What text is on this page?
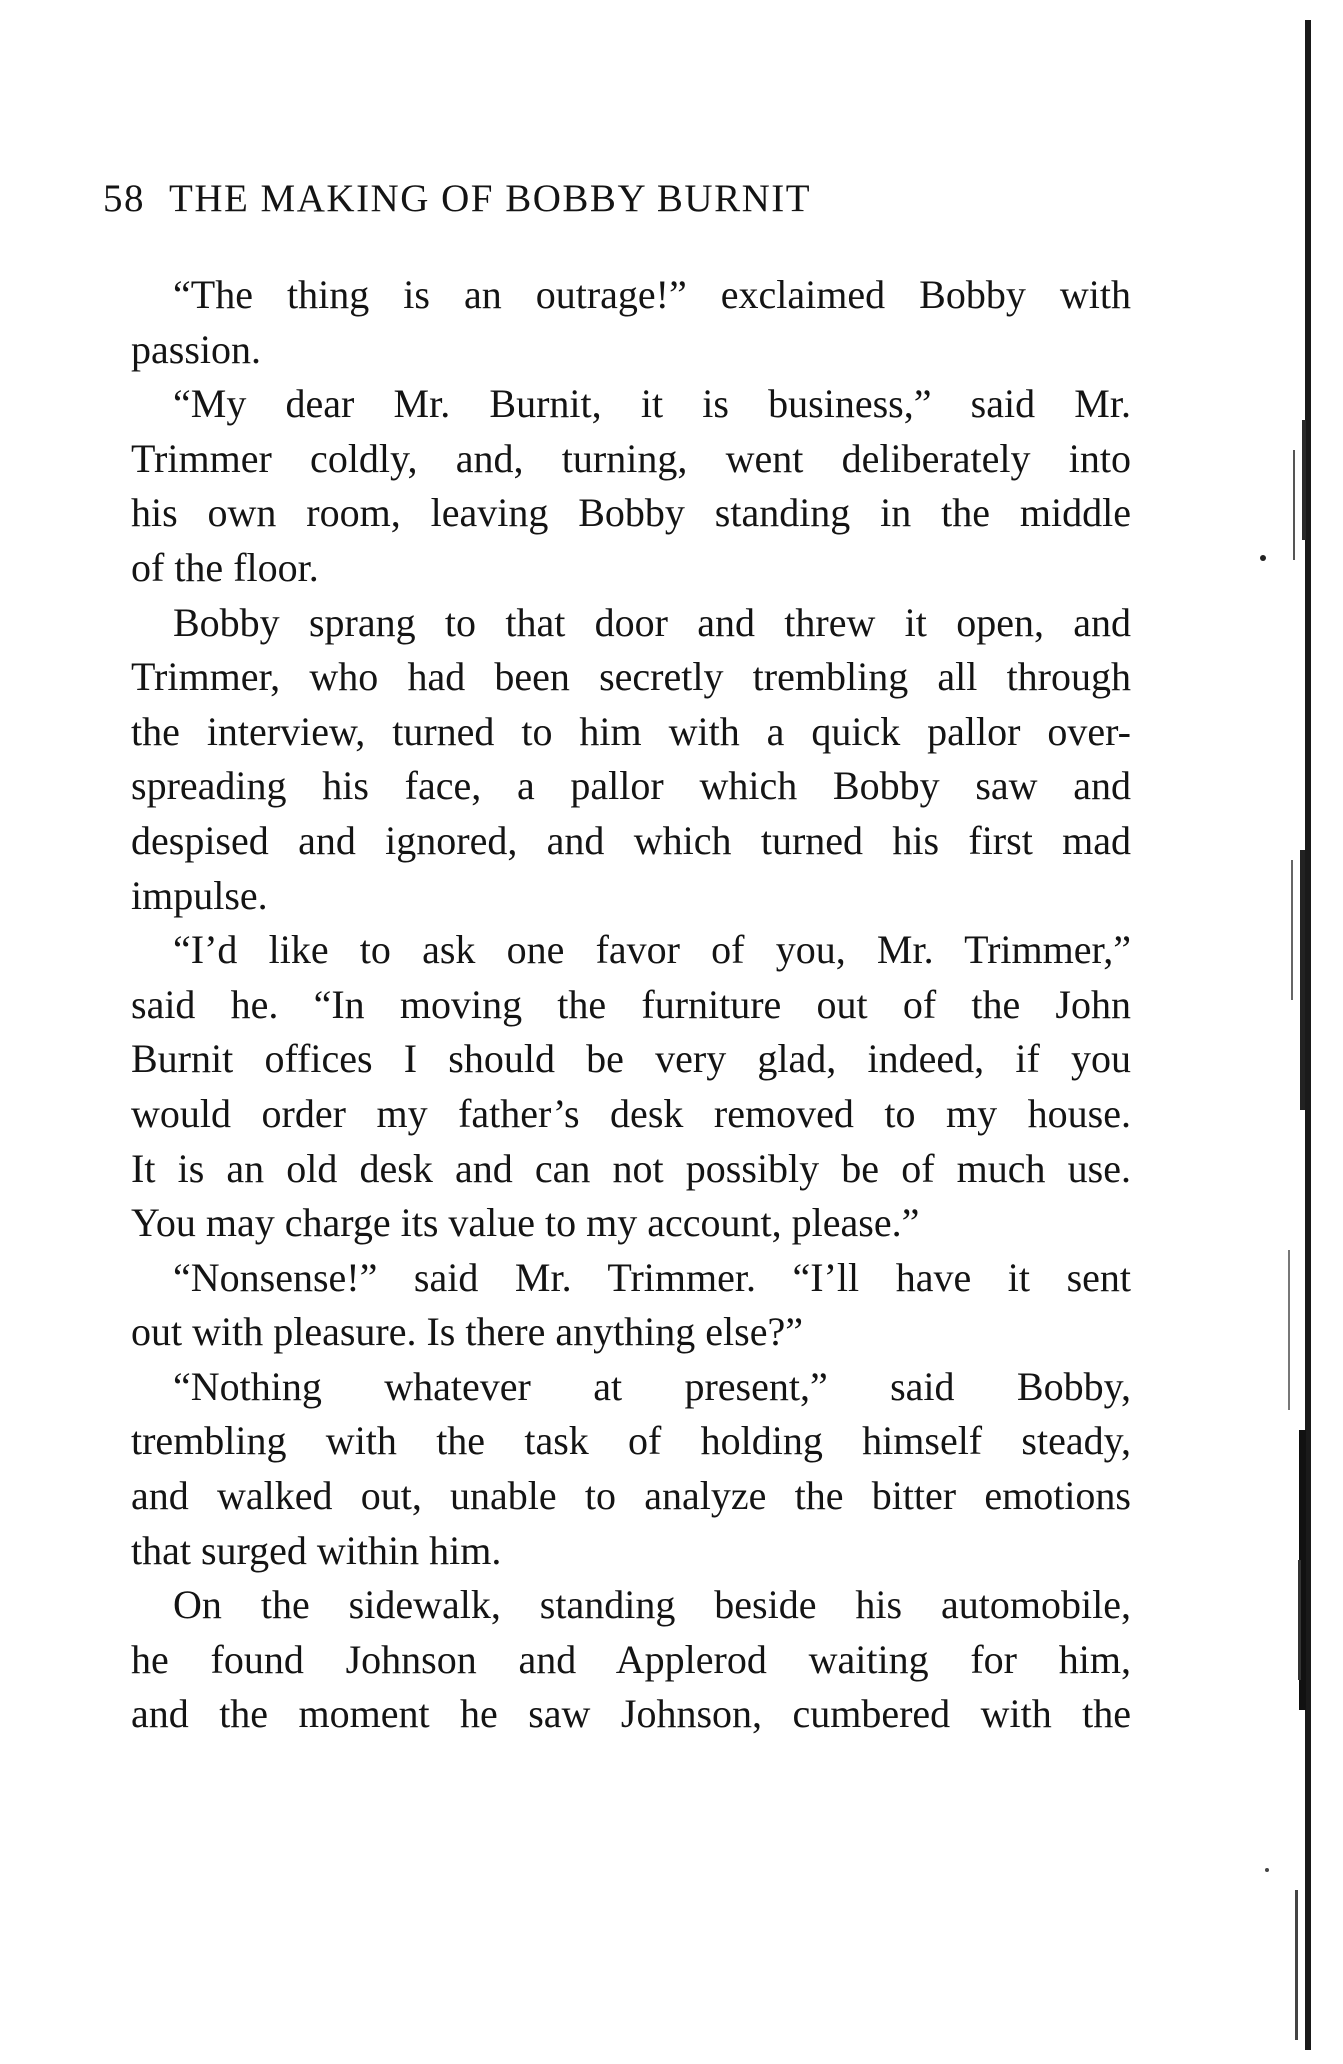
58 THE MAKING OF BOBBY BURNIT
“The thing is an outrage!” exclaimed Bobby with
passion.
“My dear Mr. Burnit, it is business,” said Mr.
Trimmer coldly, and, turning, went deliberately into
his own room, leaving Bobby standing in the middle
of the floor.
Bobby sprang to that door and threw it open, and
Trimmer, who had been secretly trembling all through
the interview, turned to him with a quick pallor over-
spreading his face, a pallor which Bobby saw and
despised and ignored, and which turned his first mad
impulse.
“I’d like to ask one favor of you, Mr. Trimmer,”
said he. “In moving the furniture out of the John
Burnit offices I should be very glad, indeed, if you
would order my father’s desk removed to my house.
It is an old desk and can not possibly be of much use.
You may charge its value to my account, please.”
“Nonsense!” said Mr. Trimmer. “I’ll have it sent
out with pleasure. Is there anything else?”
“Nothing whatever at present,” said Bobby,
trembling with the task of holding himself steady,
and walked out, unable to analyze the bitter emotions
that surged within him.
On the sidewalk, standing beside his automobile,
he found Johnson and Applerod waiting for him,
and the moment he saw Johnson, cumbered with the
